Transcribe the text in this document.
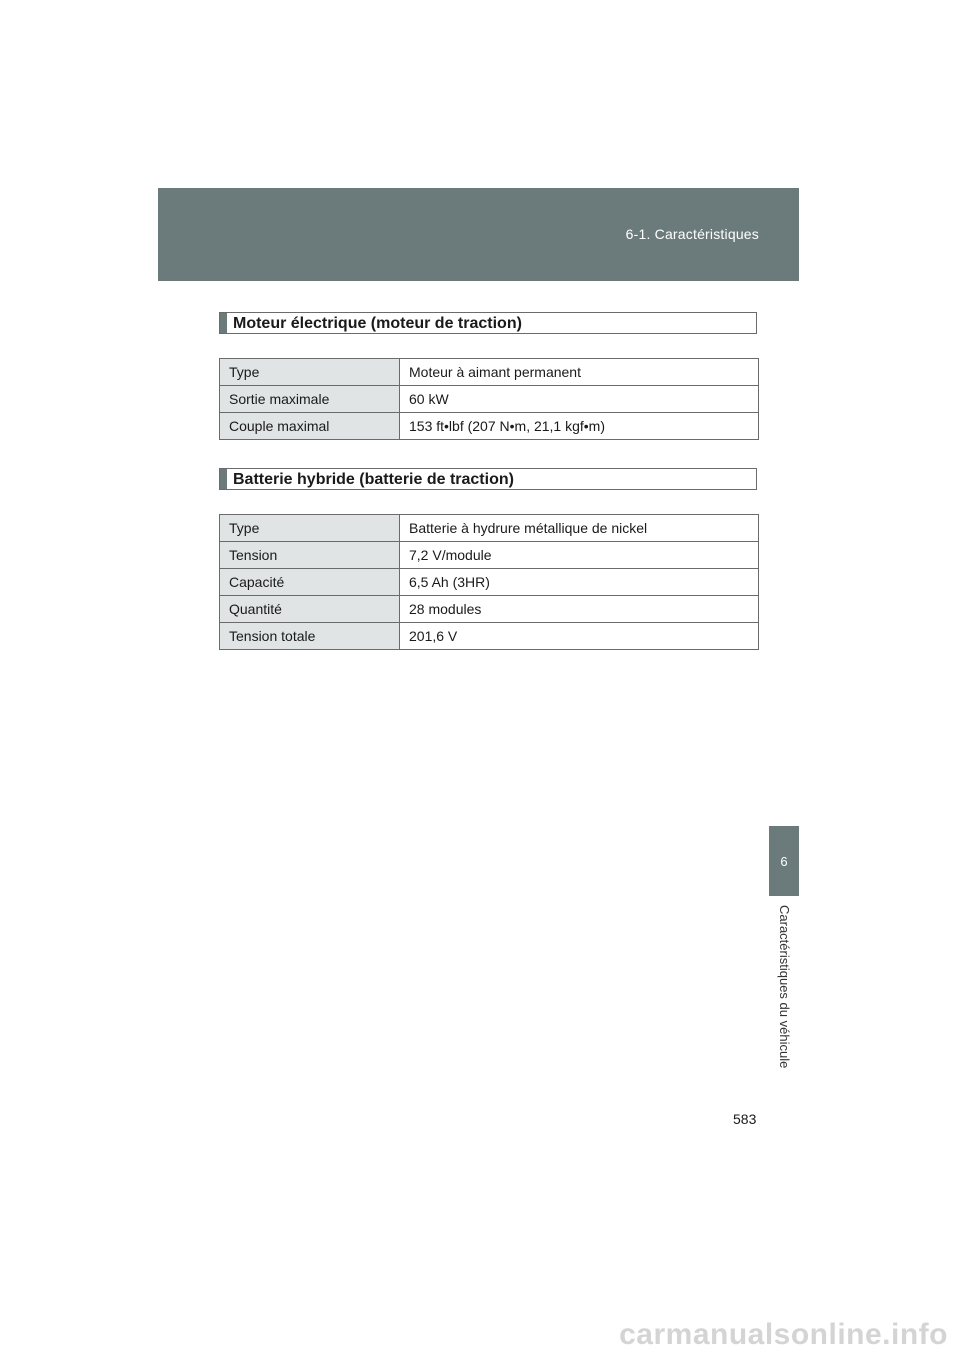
6-1. Caractéristiques
6
Caractéristiques du véhicule
Moteur électrique (moteur de traction)
Type	Moteur à aimant permanent
Sortie maximale	60 kW
Couple maximal	153 ft•lbf (207 N•m, 21,1 kgf•m)
Batterie hybride (batterie de traction)
Type	Batterie à hydrure métallique de nickel
Tension	7,2 V/module
Capacité	6,5 Ah (3HR)
Quantité	28 modules
Tension totale	201,6 V
583
carmanualsonline.info
